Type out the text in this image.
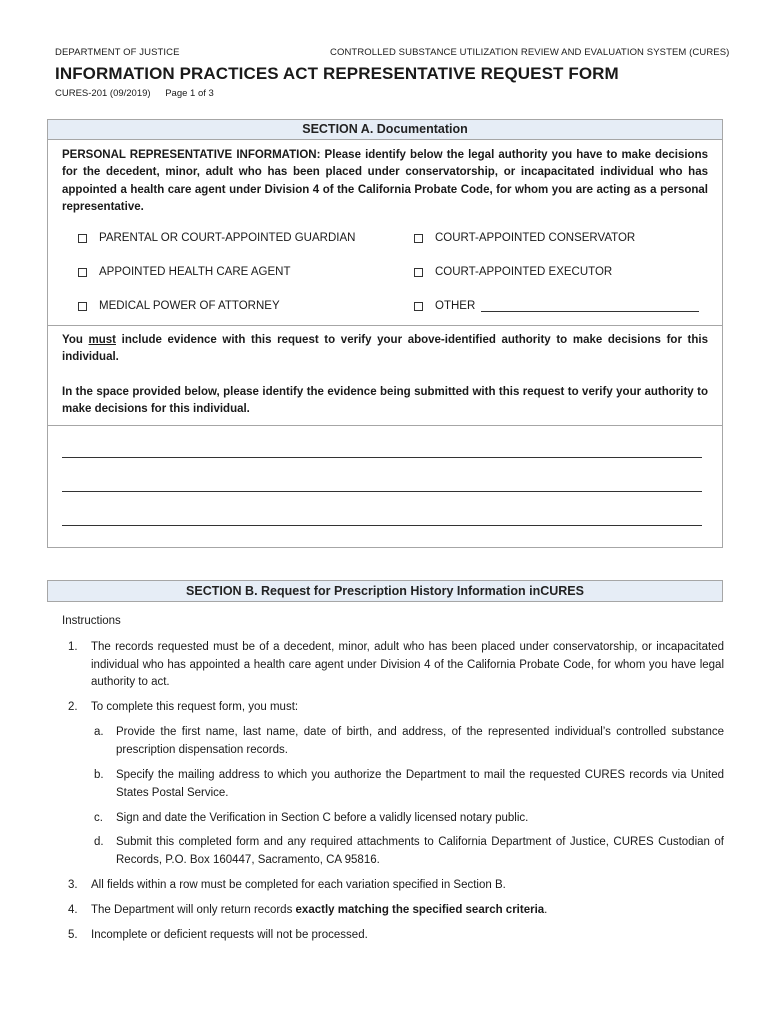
DEPARTMENT OF JUSTICE	CONTROLLED SUBSTANCE UTILIZATION REVIEW AND EVALUATION SYSTEM (CURES)
INFORMATION PRACTICES ACT REPRESENTATIVE REQUEST FORM
CURES-201 (09/2019) Page 1 of 3
SECTION A. Documentation
PERSONAL REPRESENTATIVE INFORMATION: Please identify below the legal authority you have to make decisions for the decedent, minor, adult who has been placed under conservatorship, or incapacitated individual who has appointed a health care agent under Division 4 of the California Probate Code, for whom you are acting as a personal representative.
PARENTAL OR COURT-APPOINTED GUARDIAN	COURT-APPOINTED CONSERVATOR
APPOINTED HEALTH CARE AGENT	COURT-APPOINTED EXECUTOR
MEDICAL POWER OF ATTORNEY	OTHER
You must include evidence with this request to verify your above-identified authority to make decisions for this individual.
In the space provided below, please identify the evidence being submitted with this request to verify your authority to make decisions for this individual.
SECTION B. Request for Prescription History Information inCURES
Instructions
1. The records requested must be of a decedent, minor, adult who has been placed under conservatorship, or incapacitated individual who has appointed a health care agent under Division 4 of the California Probate Code, for whom you have legal authority to act.
2. To complete this request form, you must:
a. Provide the first name, last name, date of birth, and address, of the represented individual’s controlled substance prescription dispensation records.
b. Specify the mailing address to which you authorize the Department to mail the requested CURES records via United States Postal Service.
c. Sign and date the Verification in Section C before a validly licensed notary public.
d. Submit this completed form and any required attachments to California Department of Justice, CURES Custodian of Records, P.O. Box 160447, Sacramento, CA 95816.
3. All fields within a row must be completed for each variation specified in Section B.
4. The Department will only return records exactly matching the specified search criteria.
5. Incomplete or deficient requests will not be processed.
